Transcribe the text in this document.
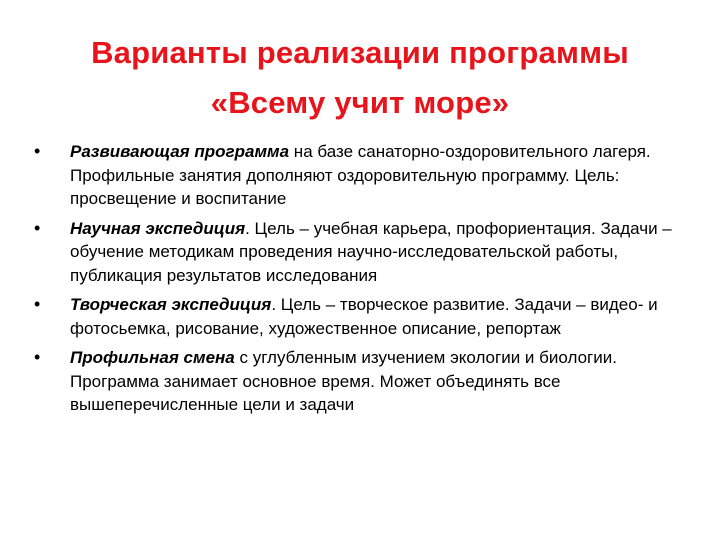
Варианты реализации программы
«Всему учит море»
• Развивающая программа на базе санаторно-оздоровительного лагеря. Профильные занятия дополняют оздоровительную программу. Цель: просвещение и воспитание
• Научная экспедиция. Цель – учебная карьера, профориентация. Задачи – обучение методикам проведения научно-исследовательской работы, публикация результатов исследования
• Творческая экспедиция. Цель – творческое развитие. Задачи – видео- и фотосьемка, рисование, художественное описание, репортаж
• Профильная смена с углубленным изучением экологии и биологии. Программа занимает основное время. Может объединять все вышеперечисленные цели и задачи
